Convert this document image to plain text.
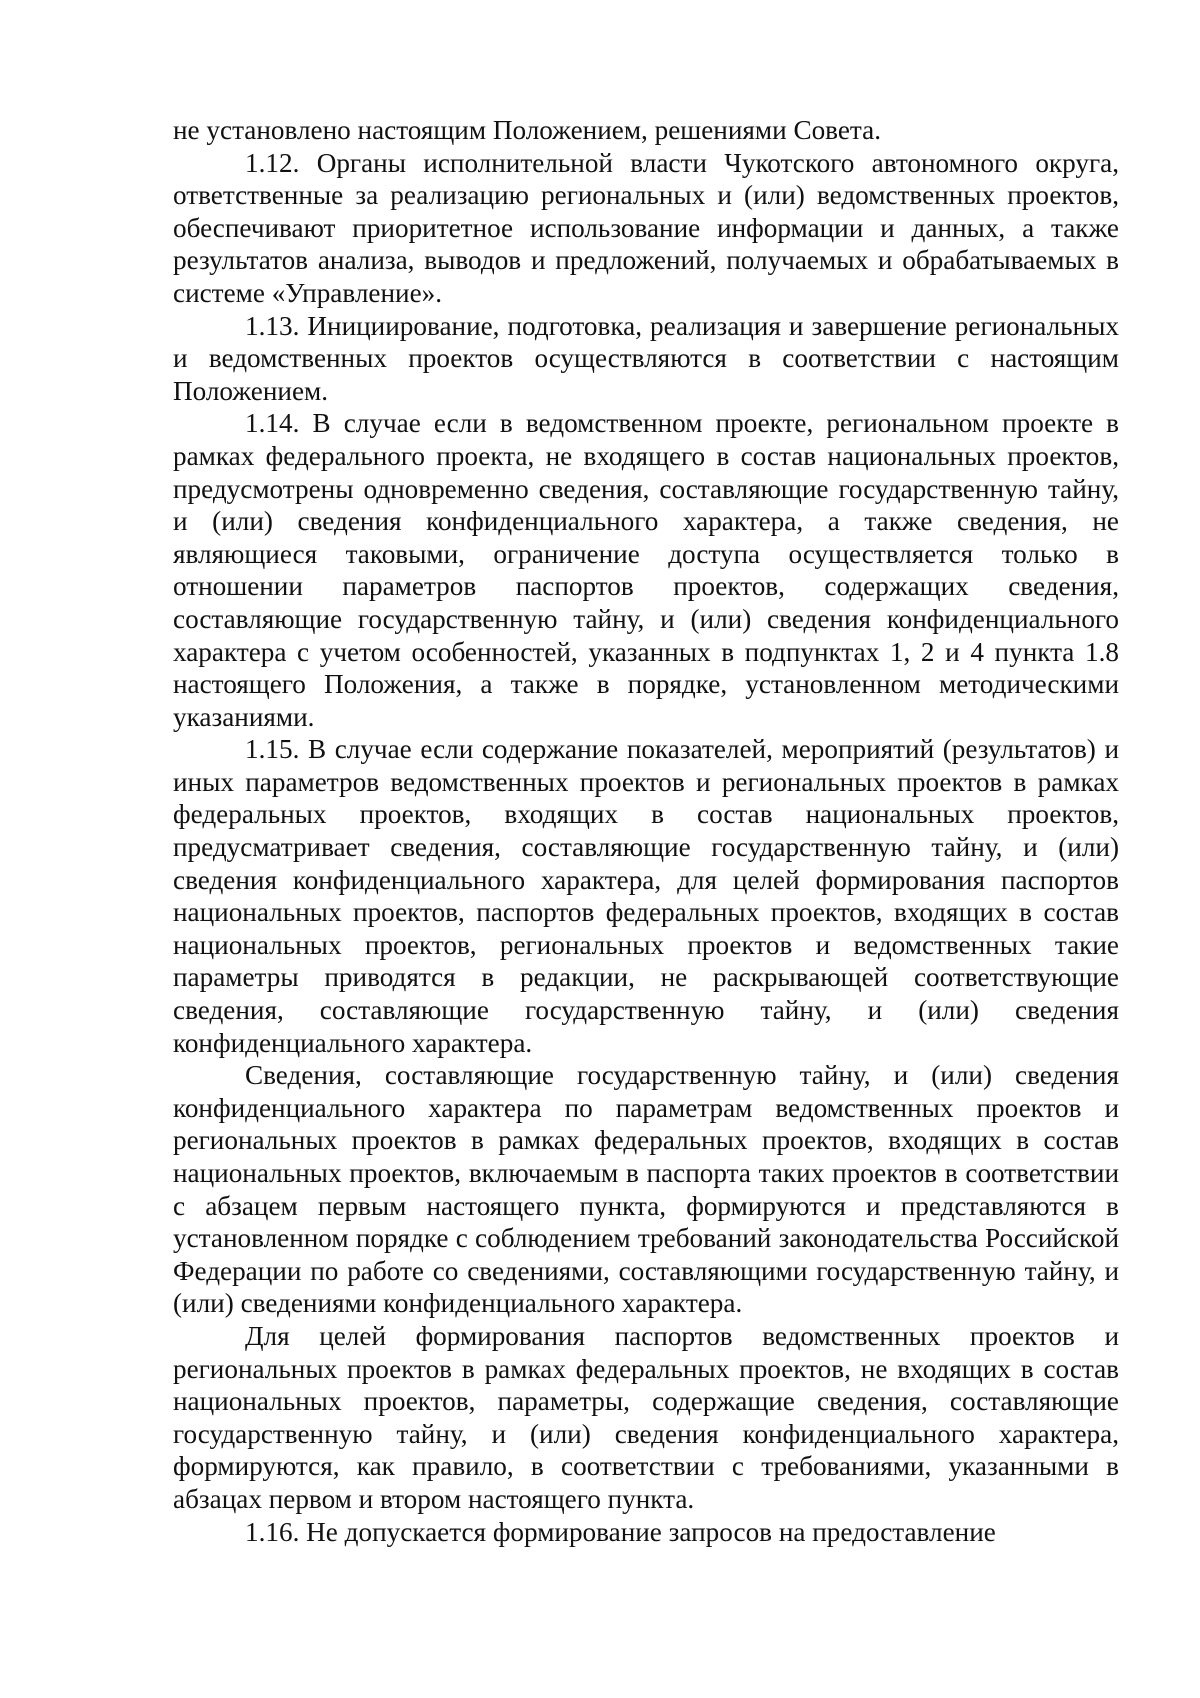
не установлено настоящим Положением, решениями Совета.

1.12. Органы исполнительной власти Чукотского автономного округа, ответственные за реализацию региональных и (или) ведомственных проектов, обеспечивают приоритетное использование информации и данных, а также результатов анализа, выводов и предложений, получаемых и обрабатываемых в системе «Управление».

1.13. Инициирование, подготовка, реализация и завершение региональных и ведомственных проектов осуществляются в соответствии с настоящим Положением.

1.14. В случае если в ведомственном проекте, региональном проекте в рамках федерального проекта, не входящего в состав национальных проектов, предусмотрены одновременно сведения, составляющие государственную тайну, и (или) сведения конфиденциального характера, а также сведения, не являющиеся таковыми, ограничение доступа осуществляется только в отношении параметров паспортов проектов, содержащих сведения, составляющие государственную тайну, и (или) сведения конфиденциального характера с учетом особенностей, указанных в подпунктах 1, 2 и 4 пункта 1.8 настоящего Положения, а также в порядке, установленном методическими указаниями.

1.15. В случае если содержание показателей, мероприятий (результатов) и иных параметров ведомственных проектов и региональных проектов в рамках федеральных проектов, входящих в состав национальных проектов, предусматривает сведения, составляющие государственную тайну, и (или) сведения конфиденциального характера, для целей формирования паспортов национальных проектов, паспортов федеральных проектов, входящих в состав национальных проектов, региональных проектов и ведомственных такие параметры приводятся в редакции, не раскрывающей соответствующие сведения, составляющие государственную тайну, и (или) сведения конфиденциального характера.

Сведения, составляющие государственную тайну, и (или) сведения конфиденциального характера по параметрам ведомственных проектов и региональных проектов в рамках федеральных проектов, входящих в состав национальных проектов, включаемым в паспорта таких проектов в соответствии с абзацем первым настоящего пункта, формируются и представляются в установленном порядке с соблюдением требований законодательства Российской Федерации по работе со сведениями, составляющими государственную тайну, и (или) сведениями конфиденциального характера.

Для целей формирования паспортов ведомственных проектов и региональных проектов в рамках федеральных проектов, не входящих в состав национальных проектов, параметры, содержащие сведения, составляющие государственную тайну, и (или) сведения конфиденциального характера, формируются, как правило, в соответствии с требованиями, указанными в абзацах первом и втором настоящего пункта.

1.16. Не допускается формирование запросов на предоставление
